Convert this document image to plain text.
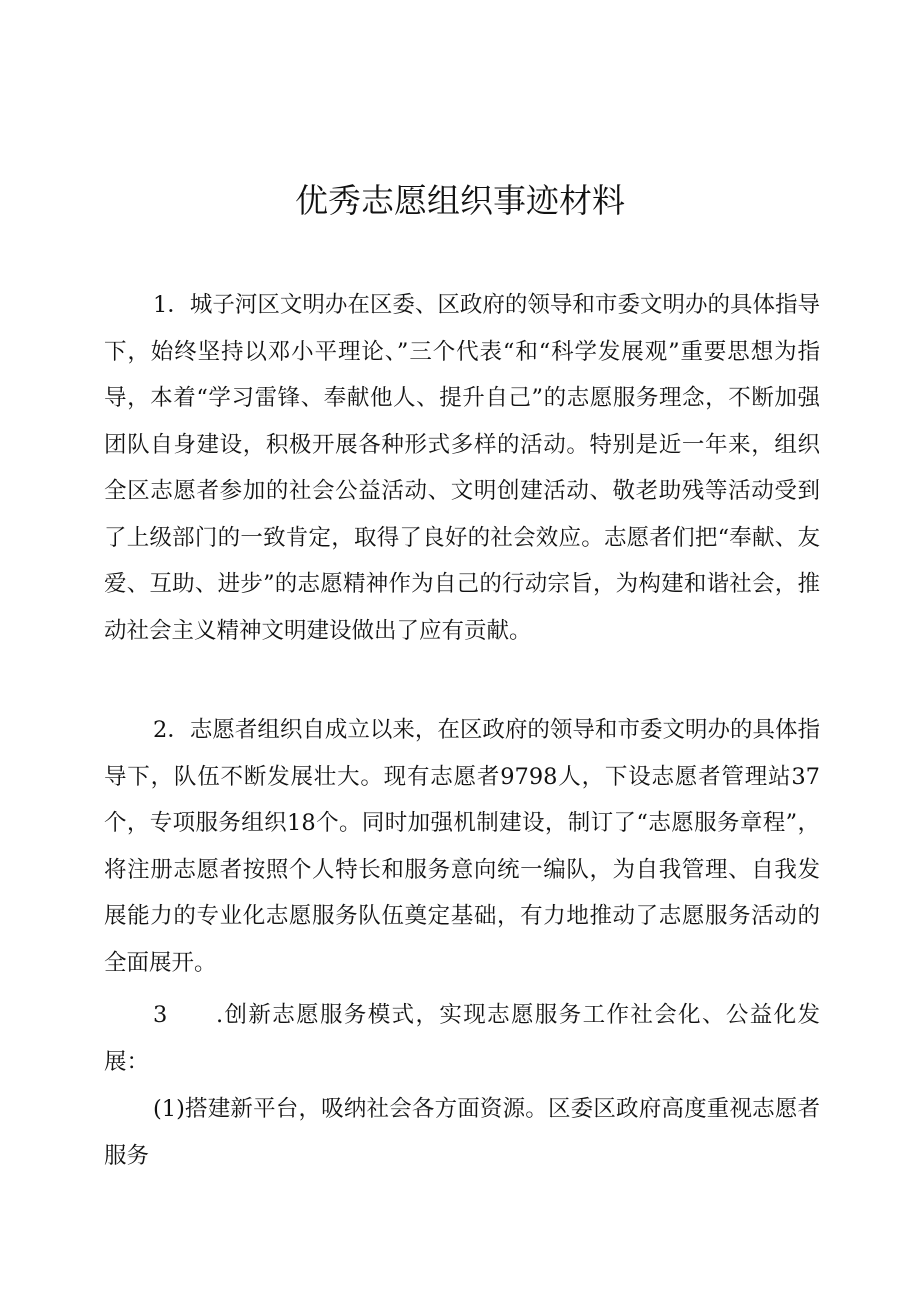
优秀志愿组织事迹材料

1．城子河区文明办在区委、区政府的领导和市委文明办的具体指导下，始终坚持以邓小平理论、”三个代表“和“科学发展观”重要思想为指导，本着“学习雷锋、奉献他人、提升自己”的志愿服务理念，不断加强团队自身建设，积极开展各种形式多样的活动。特别是近一年来，组织全区志愿者参加的社会公益活动、文明创建活动、敬老助残等活动受到了上级部门的一致肯定，取得了良好的社会效应。志愿者们把“奉献、友爱、互助、进步”的志愿精神作为自己的行动宗旨，为构建和谐社会，推动社会主义精神文明建设做出了应有贡献。

2．志愿者组织自成立以来，在区政府的领导和市委文明办的具体指导下，队伍不断发展壮大。现有志愿者9798人，下设志愿者管理站37个，专项服务组织18个。同时加强机制建设，制订了“志愿服务章程”，将注册志愿者按照个人特长和服务意向统一编队，为自我管理、自我发展能力的专业化志愿服务队伍奠定基础，有力地推动了志愿服务活动的全面展开。

3 .创新志愿服务模式，实现志愿服务工作社会化、公益化发展：

(1)搭建新平台，吸纳社会各方面资源。区委区政府高度重视志愿者服务
